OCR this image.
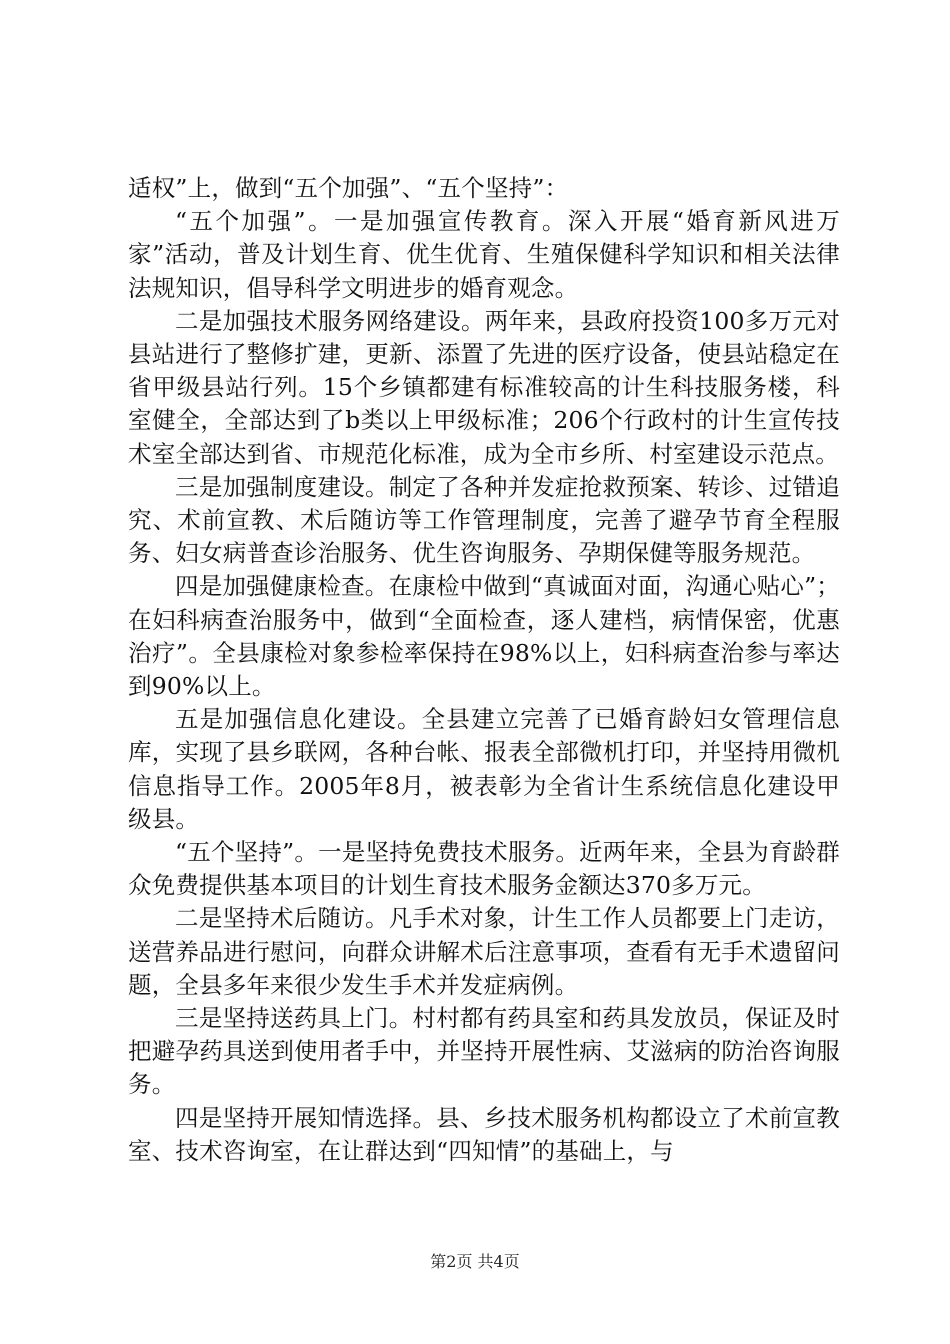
适权”上，做到“五个加强”、“五个坚持”：

“五个加强”。一是加强宣传教育。深入开展“婚育新风进万家”活动，普及计划生育、优生优育、生殖保健科学知识和相关法律法规知识，倡导科学文明进步的婚育观念。

二是加强技术服务网络建设。两年来，县政府投资100多万元对县站进行了整修扩建，更新、添置了先进的医疗设备，使县站稳定在省甲级县站行列。15个乡镇都建有标准较高的计生科技服务楼，科室健全，全部达到了b类以上甲级标准；206个行政村的计生宣传技术室全部达到省、市规范化标准，成为全市乡所、村室建设示范点。

三是加强制度建设。制定了各种并发症抢救预案、转诊、过错追究、术前宣教、术后随访等工作管理制度，完善了避孕节育全程服务、妇女病普查诊治服务、优生咨询服务、孕期保健等服务规范。

四是加强健康检查。在康检中做到“真诚面对面，沟通心贴心”；在妇科病查治服务中，做到“全面检查，逐人建档，病情保密，优惠治疗”。全县康检对象参检率保持在98%以上，妇科病查治参与率达到90%以上。

五是加强信息化建设。全县建立完善了已婚育龄妇女管理信息库，实现了县乡联网，各种台帐、报表全部微机打印，并坚持用微机信息指导工作。2005年8月，被表彰为全省计生系统信息化建设甲级县。

“五个坚持”。一是坚持免费技术服务。近两年来，全县为育龄群众免费提供基本项目的计划生育技术服务金额达370多万元。

二是坚持术后随访。凡手术对象，计生工作人员都要上门走访，送营养品进行慰问，向群众讲解术后注意事项，查看有无手术遗留问题，全县多年来很少发生手术并发症病例。

三是坚持送药具上门。村村都有药具室和药具发放员，保证及时把避孕药具送到使用者手中，并坚持开展性病、艾滋病的防治咨询服务。

四是坚持开展知情选择。县、乡技术服务机构都设立了术前宣教室、技术咨询室，在让群达到“四知情”的基础上，与

第2页 共4页
